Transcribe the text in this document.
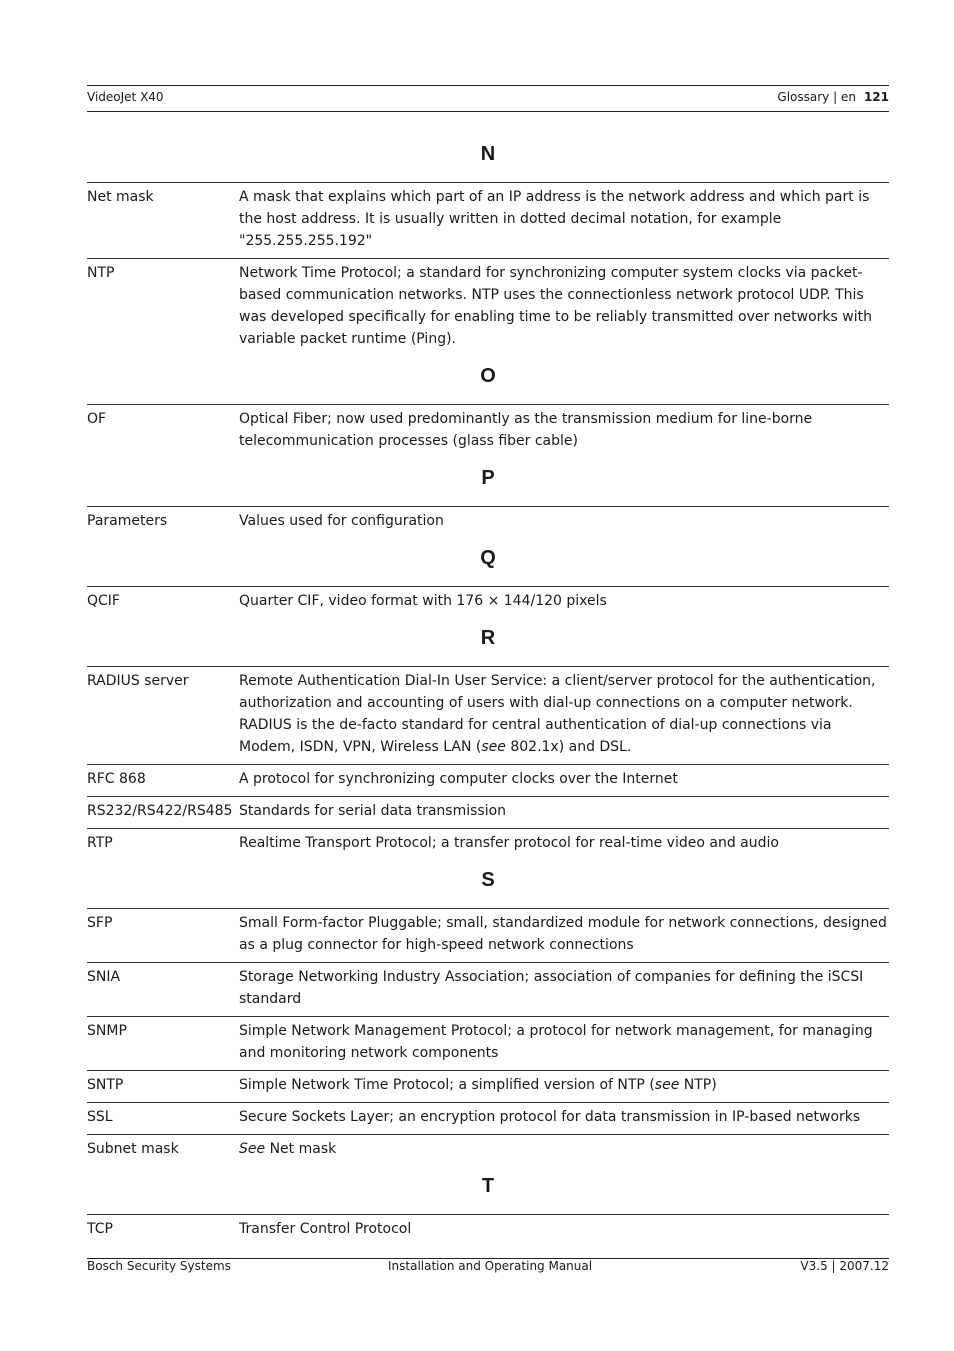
VideoJet X40	Glossary | en 121
N
Net mask	A mask that explains which part of an IP address is the network address and which part is the host address. It is usually written in dotted decimal notation, for example "255.255.255.192"
NTP	Network Time Protocol; a standard for synchronizing computer system clocks via packet-based communication networks. NTP uses the connectionless network protocol UDP. This was developed specifically for enabling time to be reliably transmitted over networks with variable packet runtime (Ping).
O
OF	Optical Fiber; now used predominantly as the transmission medium for line-borne telecommunication processes (glass fiber cable)
P
Parameters	Values used for configuration
Q
QCIF	Quarter CIF, video format with 176 × 144/120 pixels
R
RADIUS server	Remote Authentication Dial-In User Service: a client/server protocol for the authentication, authorization and accounting of users with dial-up connections on a computer network. RADIUS is the de-facto standard for central authentication of dial-up connections via Modem, ISDN, VPN, Wireless LAN (see 802.1x) and DSL.
RFC 868	A protocol for synchronizing computer clocks over the Internet
RS232/RS422/RS485 Standards for serial data transmission
RTP	Realtime Transport Protocol; a transfer protocol for real-time video and audio
S
SFP	Small Form-factor Pluggable; small, standardized module for network connections, designed as a plug connector for high-speed network connections
SNIA	Storage Networking Industry Association; association of companies for defining the iSCSI standard
SNMP	Simple Network Management Protocol; a protocol for network management, for managing and monitoring network components
SNTP	Simple Network Time Protocol; a simplified version of NTP (see NTP)
SSL	Secure Sockets Layer; an encryption protocol for data transmission in IP-based networks
Subnet mask	See Net mask
T
TCP	Transfer Control Protocol
Bosch Security Systems	Installation and Operating Manual	V3.5 | 2007.12
